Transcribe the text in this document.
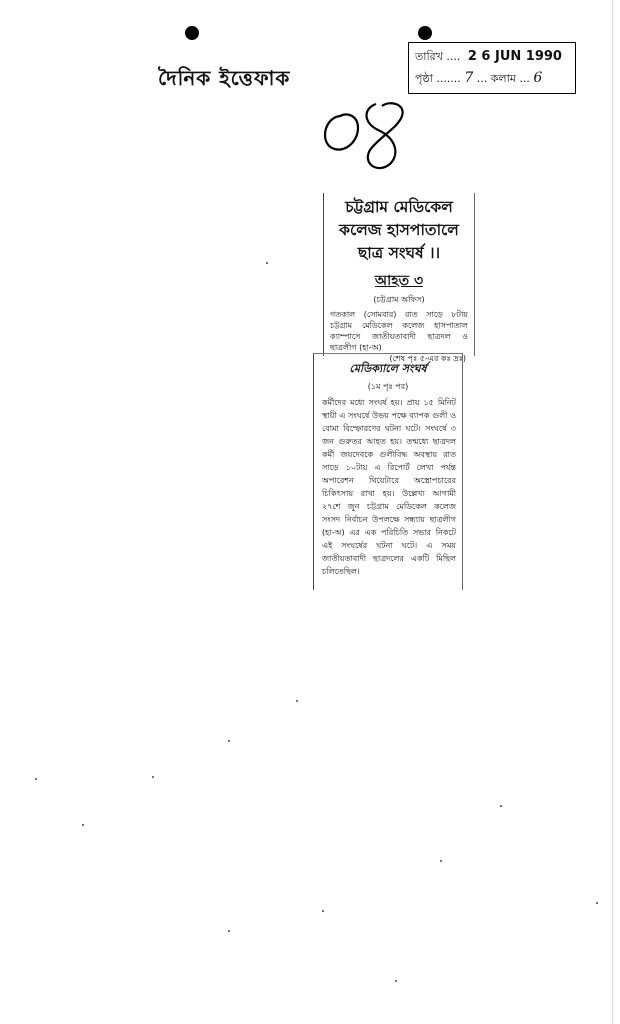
দৈনিক ইত্তেফাক
তারিখ .... 2 6 JUN 1990
পৃষ্ঠা ....... 7 ... কলাম ... 6
চট্টগ্রাম মেডিকেল
কলেজ হাসপাতালে
ছাত্র সংঘর্ষ ।।
আহত ৩
(চট্টগ্রাম অফিস)
গতকাল (সোমবার) রাত সাড়ে ৮টায় চট্টগ্রাম মেডিকেল কলেজ হাসপাতাল ক্যাম্পাসে জাতীয়তাবাদী ছাত্রদল ও ছাত্রলীগ (হা-অ)
(শেষ পৃঃ ৫-এর কঃ দ্রঃ)
মেডিক্যালে সংঘর্ষ
(১ম পৃঃ পর)
কর্মীদের মধ্যে সংঘর্ষ হয়। প্রায় ১৫ মিনিট স্থায়ী এ সংঘর্ষে উভয় পক্ষে ব্যাপক গুলী ও বোমা বিস্ফোরণের ঘটনা ঘটে। সংঘর্ষে ৩ জন গুরুতর আহত হয়। তন্মধ্যে ছাত্রদল কর্মী জয়দেবকে গুলীবিদ্ধ অবস্থায় রাত সাড়ে ১০টায় এ রিপোর্ট লেখা পর্যন্ত অপারেশন থিয়েটারে অস্ত্রোপচারের চিকিৎসায় রাখা হয়। উল্লেখ্য আগামী ২৭শে জুন চট্টগ্রাম মেডিকেল কলেজ সংসদ নির্বাচন উপলক্ষে সন্ধ্যায় ছাত্রলীগ (হা-অ) এর এক পরিচিতি সভার নিকটে এই সংঘর্ষের ঘটনা ঘটে। এ সময় জাতীয়তাবাদী ছাত্রদলের একটি মিছিল চলিতেছিল।
